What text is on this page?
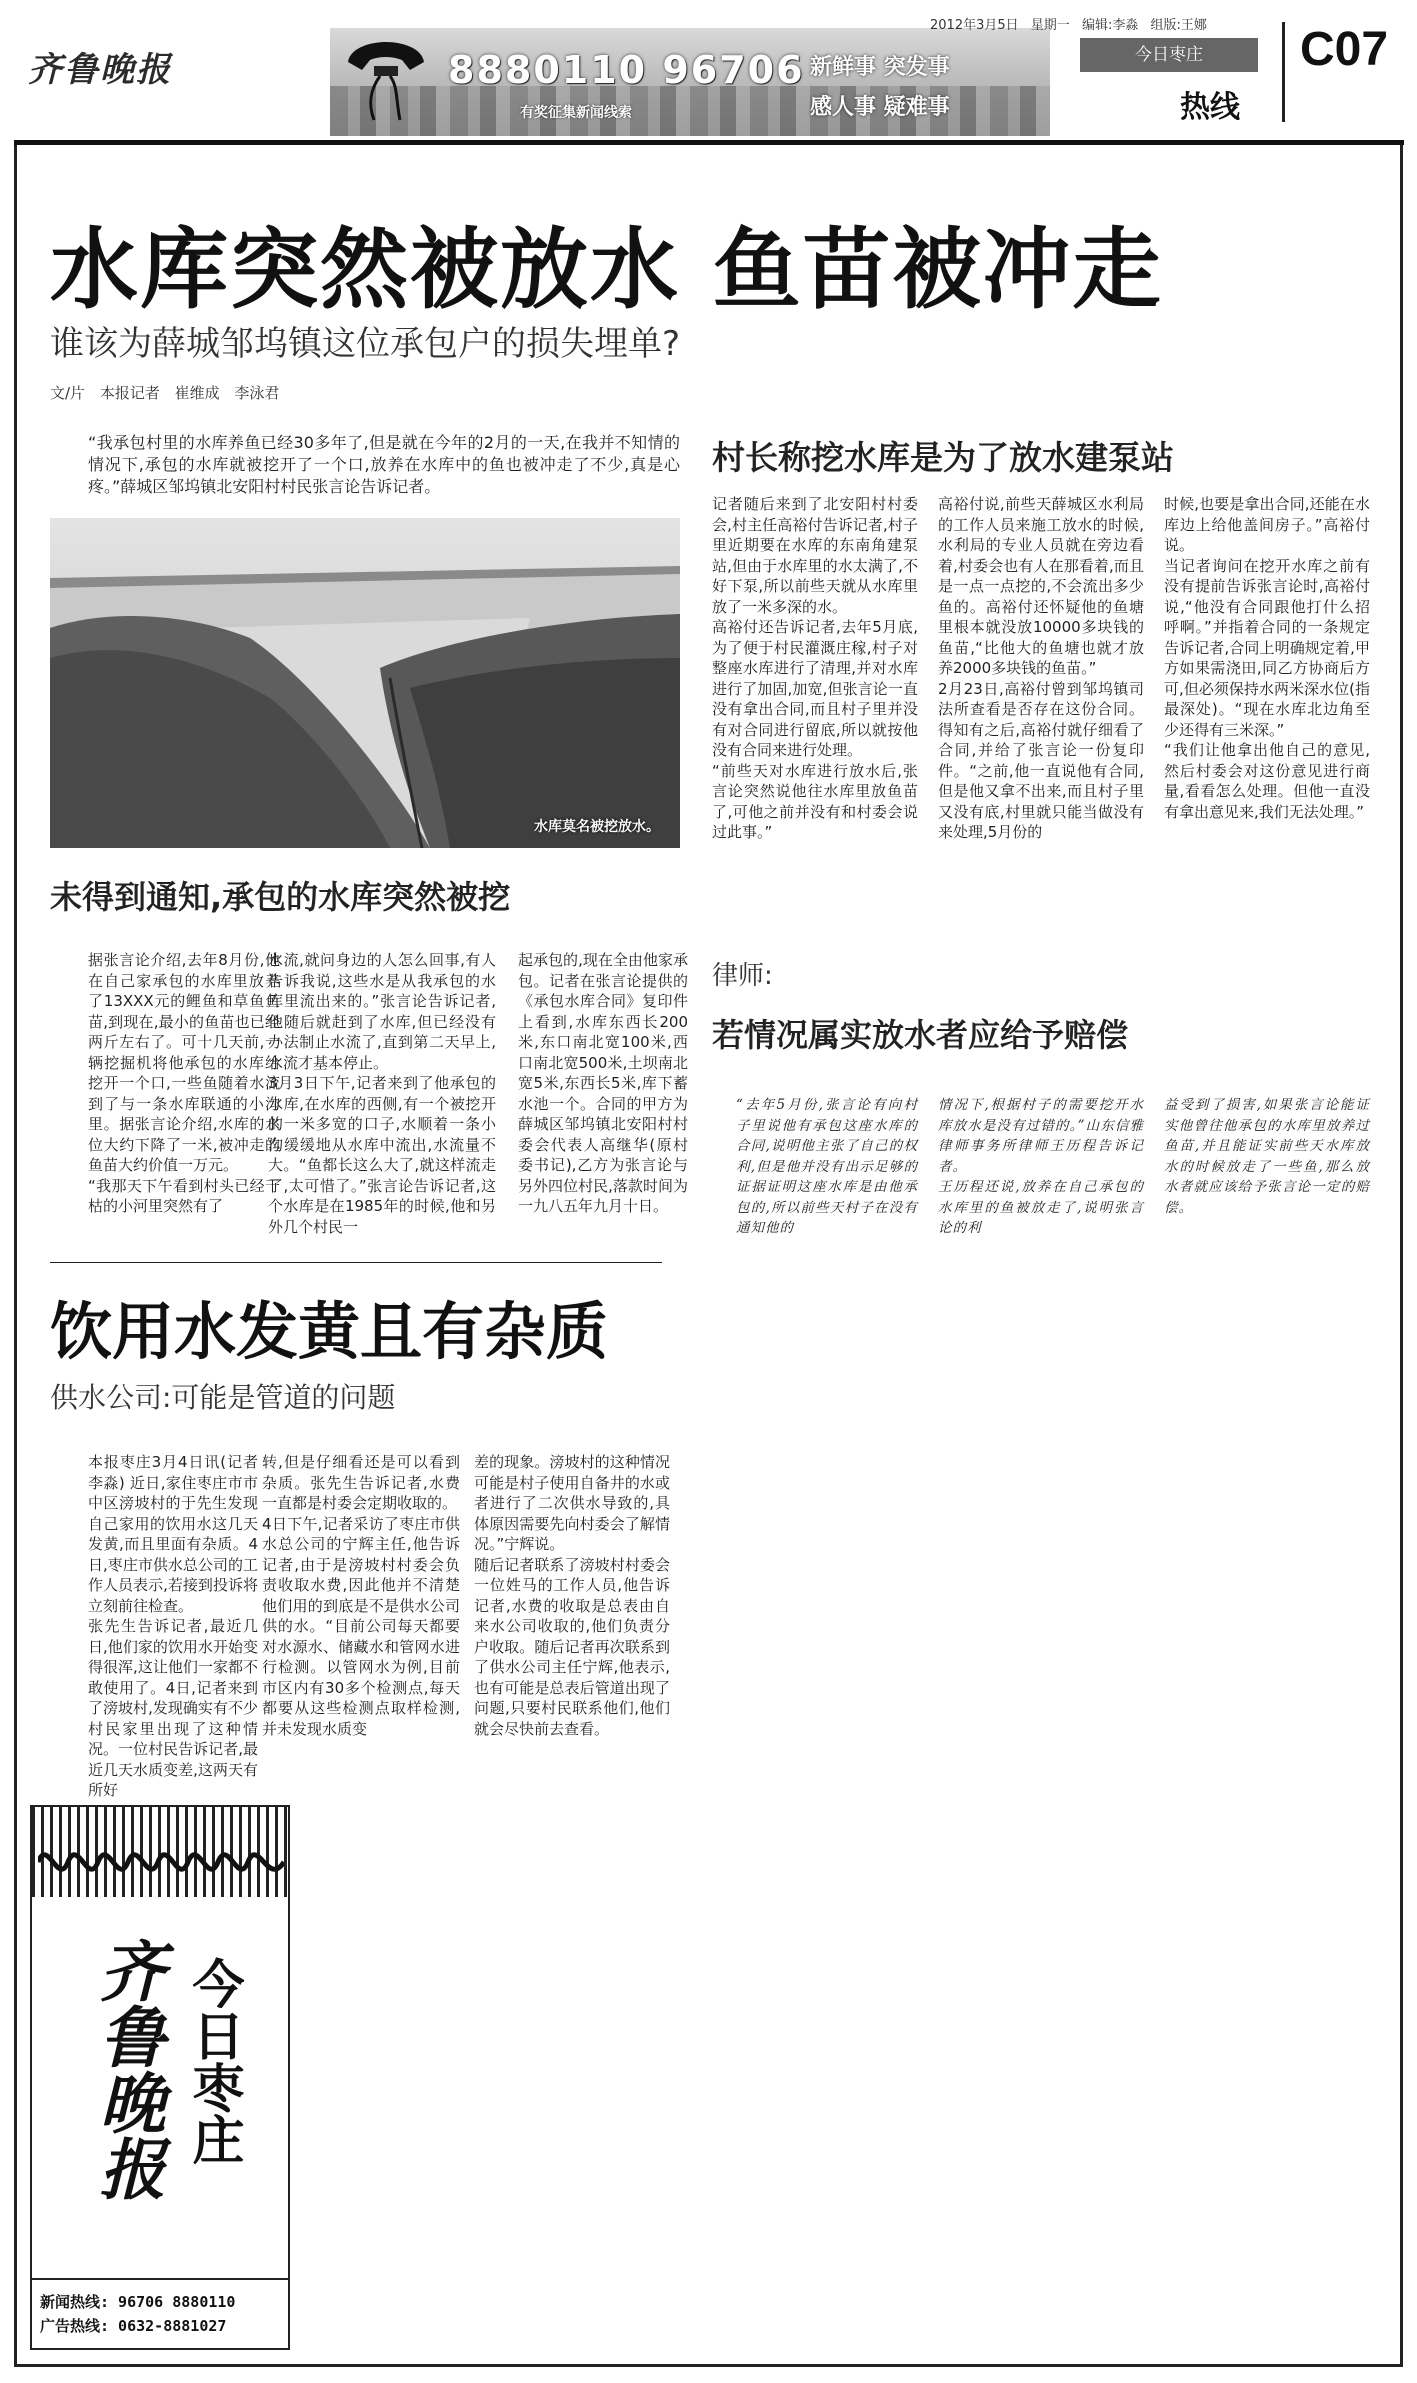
齐鲁晚报	8880110 96706 新鲜事 突发事
感人事 疑难事
有奖征集新闻线索
2012年3月5日 星期一 编辑:李淼 组版:王娜
今日枣庄
热线
C07
水库突然被放水 鱼苗被冲走
谁该为薛城邹坞镇这位承包户的损失埋单?
文/片 本报记者 崔维成 李泳君
“我承包村里的水库养鱼已经30多年了,但是就在今年的2月的一天,在我并不知情的情况下,承包的水库就被挖开了一个口,放养在水库中的鱼也被冲走了不少,真是心疼。”薛城区邹坞镇北安阳村村民张言论告诉记者。
水库莫名被挖放水。
未得到通知,承包的水库突然被挖
据张言论介绍,去年8月份,他在自己家承包的水库里放养了13XXX元的鲤鱼和草鱼鱼苗,到现在,最小的鱼苗也已经两斤左右了。可十几天前,一辆挖掘机将他承包的水库给挖开一个口,一些鱼随着水流到了与一条水库联通的小沟里。据张言论介绍,水库的水位大约下降了一米,被冲走的鱼苗大约价值一万元。
“我那天下午看到村头已经干枯的小河里突然有了
水流,就问身边的人怎么回事,有人告诉我说,这些水是从我承包的水库里流出来的。”张言论告诉记者,他随后就赶到了水库,但已经没有办法制止水流了,直到第二天早上,水流才基本停止。
3月3日下午,记者来到了他承包的水库,在水库的西侧,有一个被挖开的一米多宽的口子,水顺着一条小沟缓缓地从水库中流出,水流量不大。“鱼都长这么大了,就这样流走了,太可惜了。”张言论告诉记者,这个水库是在1985年的时候,他和另外几个村民一
起承包的,现在全由他家承包。记者在张言论提供的《承包水库合同》复印件上看到,水库东西长200米,东口南北宽100米,西口南北宽500米,土坝南北宽5米,东西长5米,库下蓄水池一个。合同的甲方为薛城区邹坞镇北安阳村村委会代表人高继华(原村委书记),乙方为张言论与另外四位村民,落款时间为一九八五年九月十日。
村长称挖水库是为了放水建泵站
记者随后来到了北安阳村村委会,村主任高裕付告诉记者,村子里近期要在水库的东南角建泵站,但由于水库里的水太满了,不好下泵,所以前些天就从水库里放了一米多深的水。
高裕付还告诉记者,去年5月底,为了便于村民灌溉庄稼,村子对整座水库进行了清理,并对水库进行了加固,加宽,但张言论一直没有拿出合同,而且村子里并没有对合同进行留底,所以就按他没有合同来进行处理。
“前些天对水库进行放水后,张言论突然说他往水库里放鱼苗了,可他之前并没有和村委会说过此事。”
高裕付说,前些天薛城区水利局的工作人员来施工放水的时候,水利局的专业人员就在旁边看着,村委会也有人在那看着,而且是一点一点挖的,不会流出多少鱼的。高裕付还怀疑他的鱼塘里根本就没放10000多块钱的鱼苗,“比他大的鱼塘也就才放养2000多块钱的鱼苗。”
2月23日,高裕付曾到邹坞镇司法所查看是否存在这份合同。得知有之后,高裕付就仔细看了合同,并给了张言论一份复印件。“之前,他一直说他有合同,但是他又拿不出来,而且村子里又没有底,村里就只能当做没有来处理,5月份的
时候,也要是拿出合同,还能在水库边上给他盖间房子。”高裕付说。
当记者询问在挖开水库之前有没有提前告诉张言论时,高裕付说,“他没有合同跟他打什么招呼啊。”并指着合同的一条规定告诉记者,合同上明确规定着,甲方如果需浇田,同乙方协商后方可,但必须保持水两米深水位(指最深处)。“现在水库北边角至少还得有三米深。”
“我们让他拿出他自己的意见,然后村委会对这份意见进行商量,看看怎么处理。但他一直没有拿出意见来,我们无法处理。”
律师:
若情况属实放水者应给予赔偿
“去年5月份,张言论有向村子里说他有承包这座水库的合同,说明他主张了自己的权利,但是他并没有出示足够的证据证明这座水库是由他承包的,所以前些天村子在没有通知他的
情况下,根据村子的需要挖开水库放水是没有过错的。”山东信雅律师事务所律师王历程告诉记者。
王历程还说,放养在自己承包的水库里的鱼被放走了,说明张言论的利
益受到了损害,如果张言论能证实他曾往他承包的水库里放养过鱼苗,并且能证实前些天水库放水的时候放走了一些鱼,那么放水者就应该给予张言论一定的赔偿。
饮用水发黄且有杂质
供水公司:可能是管道的问题
本报枣庄3月4日讯(记者 李淼) 近日,家住枣庄市市中区滂坡村的于先生发现自己家用的饮用水这几天发黄,而且里面有杂质。4日,枣庄市供水总公司的工作人员表示,若接到投诉将立刻前往检查。
张先生告诉记者,最近几日,他们家的饮用水开始变得很浑,这让他们一家都不敢使用了。4日,记者来到了滂坡村,发现确实有不少村民家里出现了这种情况。一位村民告诉记者,最近几天水质变差,这两天有所好
转,但是仔细看还是可以看到杂质。张先生告诉记者,水费一直都是村委会定期收取的。
4日下午,记者采访了枣庄市供水总公司的宁辉主任,他告诉记者,由于是滂坡村村委会负责收取水费,因此他并不清楚他们用的到底是不是供水公司供的水。“目前公司每天都要对水源水、储藏水和管网水进行检测。以管网水为例,目前市区内有30多个检测点,每天都要从这些检测点取样检测,并未发现水质变
差的现象。滂坡村的这种情况可能是村子使用自备井的水或者进行了二次供水导致的,具体原因需要先向村委会了解情况。”宁辉说。
随后记者联系了滂坡村村委会一位姓马的工作人员,他告诉记者,水费的收取是总表由自来水公司收取的,他们负责分户收取。随后记者再次联系到了供水公司主任宁辉,他表示,也有可能是总表后管道出现了问题,只要村民联系他们,他们就会尽快前去查看。
齐鲁晚报 今日枣庄
新闻热线: 96706 8880110
广告热线: 0632-8881027
